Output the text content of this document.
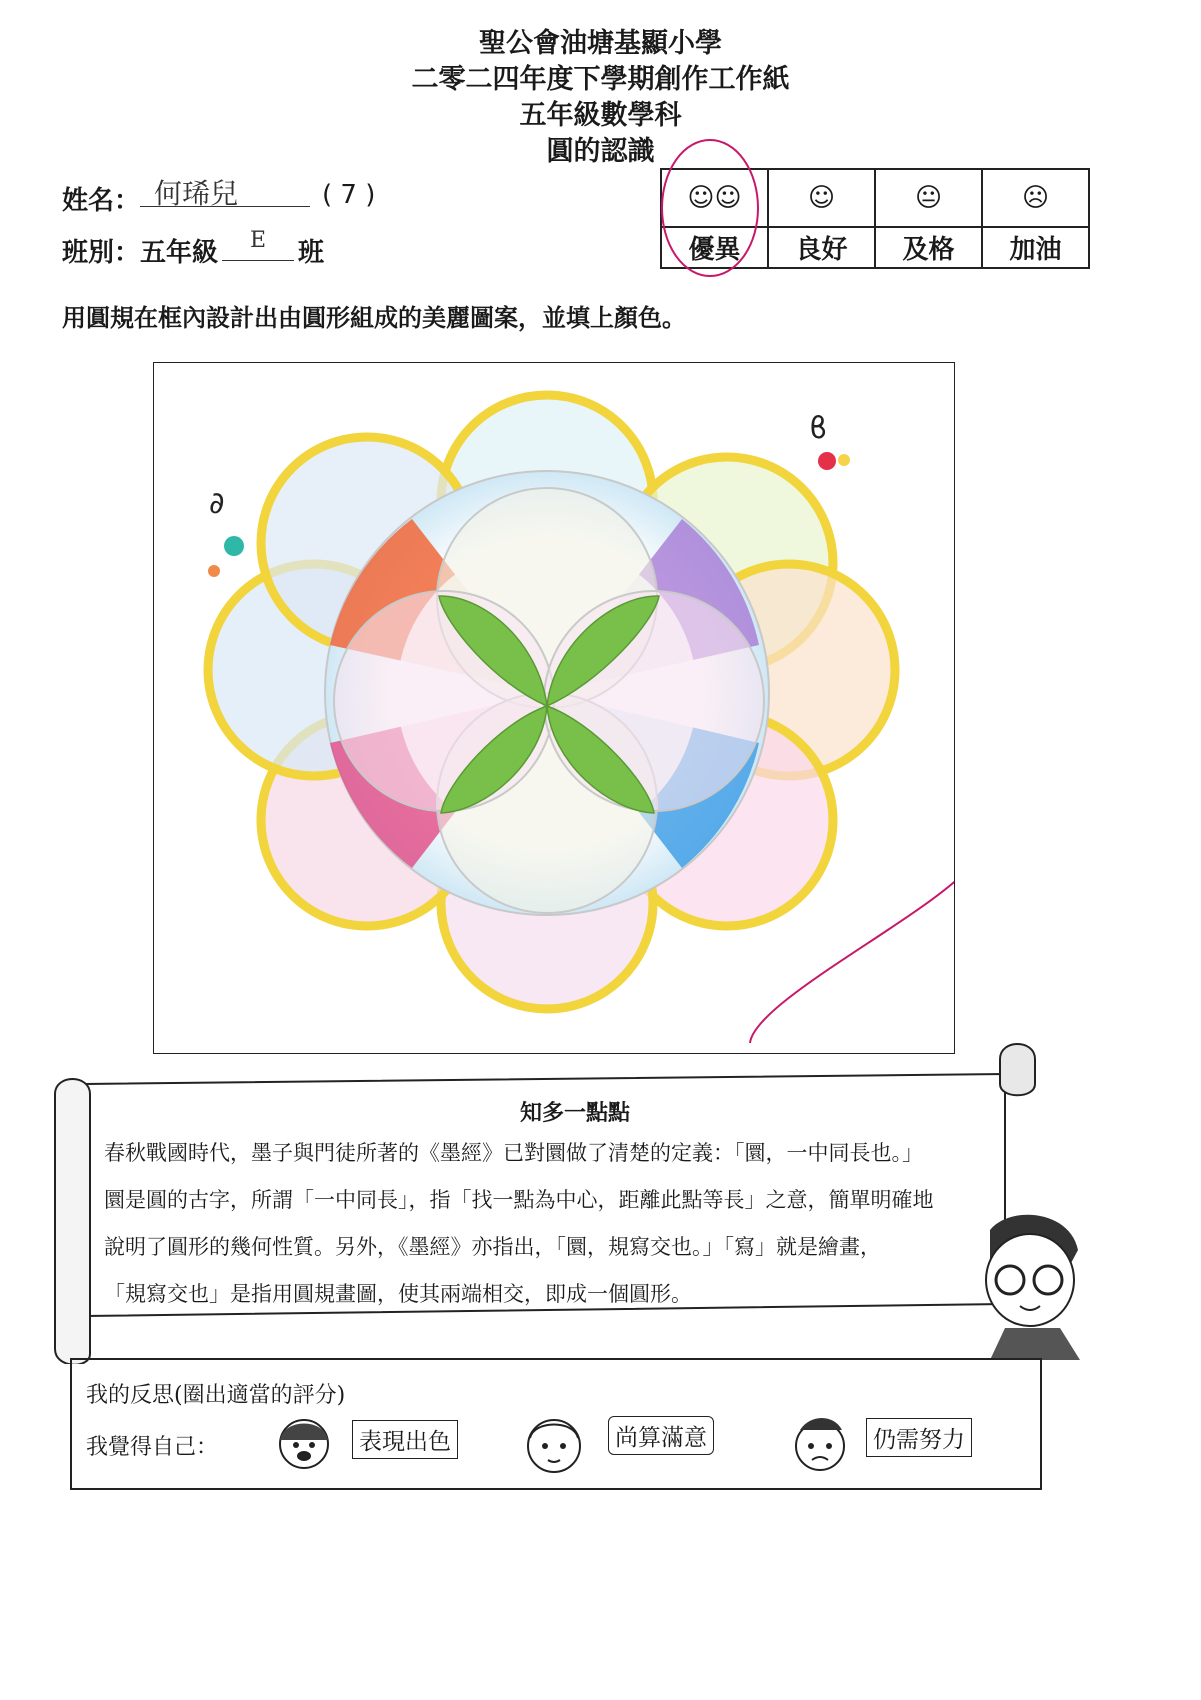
聖公會油塘基顯小學
二零二四年度下學期創作工作紙
五年級數學科
圓的認識
姓名： 何琋兒	( 7 )
班別：五年級	E	班
☺☺	☺	😐	☹
優異	良好	及格	加油
用圓規在框內設計出由圓形組成的美麗圖案，並填上顏色。
∂
ϐ
知多一點點
春秋戰國時代，墨子與門徒所著的《墨經》已對圜做了清楚的定義：「圜，一中同長也。」
圜是圓的古字，所謂「一中同長」，指「找一點為中心，距離此點等長」之意，簡單明確地
說明了圓形的幾何性質。另外，《墨經》亦指出，「圜，規寫交也。」「寫」就是繪畫，
「規寫交也」是指用圓規畫圖，使其兩端相交，即成一個圓形。
我的反思(圈出適當的評分)
我覺得自己：	表現出色	尚算滿意	仍需努力
